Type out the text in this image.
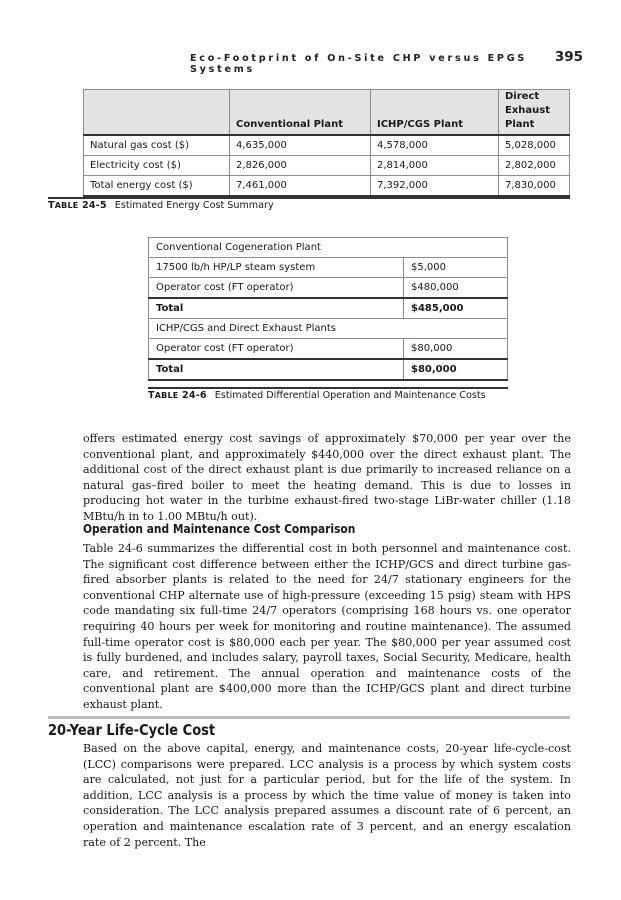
Eco-Footprint of On-Site CHP versus EPGS Systems
395
	Conventional Plant	ICHP/CGS Plant	Direct Exhaust Plant
Natural gas cost ($)	4,635,000	4,578,000	5,028,000
Electricity cost ($)	2,826,000	2,814,000	2,802,000
Total energy cost ($)	7,461,000	7,392,000	7,830,000
TABLE 24-5 Estimated Energy Cost Summary
Conventional Cogeneration Plant	
17500 lb/h HP/LP steam system	$5,000
Operator cost (FT operator)	$480,000
Total	$485,000
ICHP/CGS and Direct Exhaust Plants	
Operator cost (FT operator)	$80,000
Total	$80,000
TABLE 24-6 Estimated Differential Operation and Maintenance Costs
offers estimated energy cost savings of approximately $70,000 per year over the conventional plant, and approximately $440,000 over the direct exhaust plant. The additional cost of the direct exhaust plant is due primarily to increased reliance on a natural gas–fired boiler to meet the heating demand. This is due to losses in producing hot water in the turbine exhaust-fired two-stage LiBr-water chiller (1.18 MBtu/h in to 1.00 MBtu/h out).
Operation and Maintenance Cost Comparison
Table 24-6 summarizes the differential cost in both personnel and maintenance cost. The significant cost difference between either the ICHP/GCS and direct turbine gas-fired absorber plants is related to the need for 24/7 stationary engineers for the conventional CHP alternate use of high-pressure (exceeding 15 psig) steam with HPS code mandating six full-time 24/7 operators (comprising 168 hours vs. one operator requiring 40 hours per week for monitoring and routine maintenance). The assumed full-time operator cost is $80,000 each per year. The $80,000 per year assumed cost is fully burdened, and includes salary, payroll taxes, Social Security, Medicare, health care, and retirement. The annual operation and maintenance costs of the conventional plant are $400,000 more than the ICHP/GCS plant and direct turbine exhaust plant.
20-Year Life-Cycle Cost
Based on the above capital, energy, and maintenance costs, 20-year life-cycle-cost (LCC) comparisons were prepared. LCC analysis is a process by which system costs are calculated, not just for a particular period, but for the life of the system. In addition, LCC analysis is a process by which the time value of money is taken into consideration. The LCC analysis prepared assumes a discount rate of 6 percent, an operation and maintenance escalation rate of 3 percent, and an energy escalation rate of 2 percent. The
